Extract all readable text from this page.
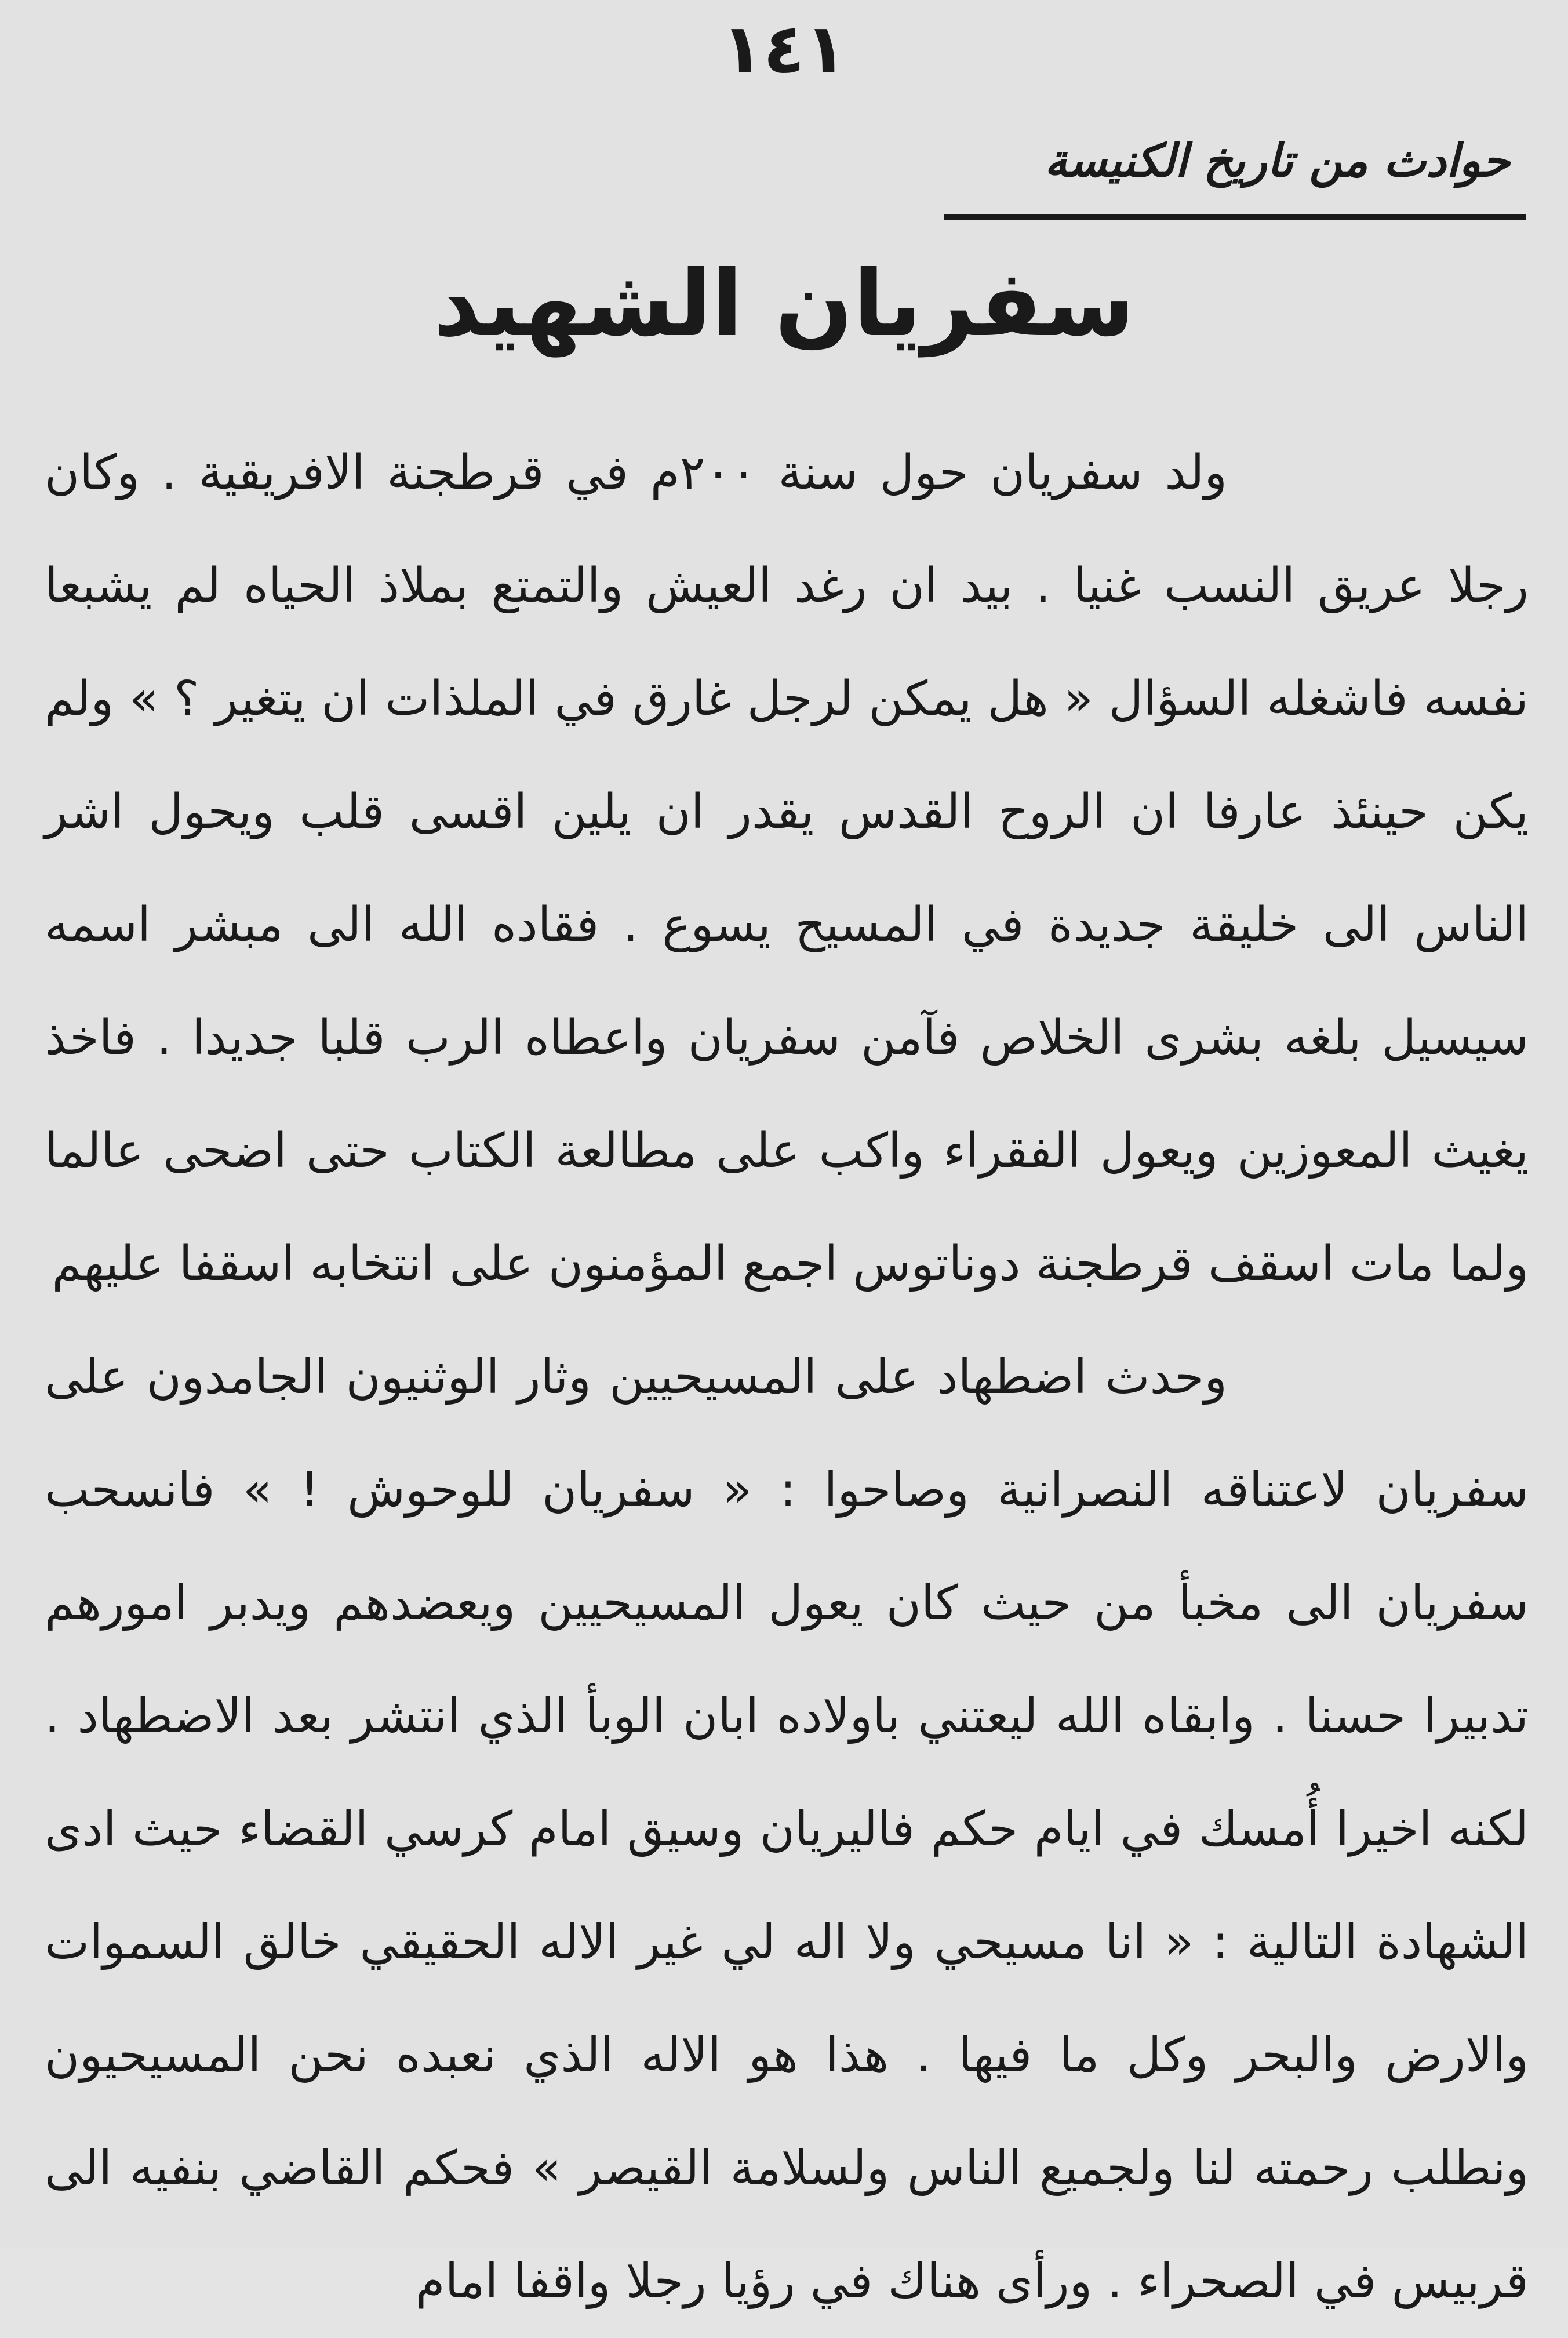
١٤١
حوادث من تاريخ الكنيسة
سفريان الشهيد

ولد سفريان حول سنة ٢٠٠م في قرطجنة الافريقية . وكان رجلا عريق النسب غنيا . بيد ان رغد العيش والتمتع بملاذ الحياه لم يشبعا نفسه فاشغله السؤال « هل يمكن لرجل غارق في الملذات ان يتغير ؟ » ولم يكن حينئذ عارفا ان الروح القدس يقدر ان يلين اقسى قلب ويحول اشر الناس الى خليقة جديدة في المسيح يسوع . فقاده الله الى مبشر اسمه سيسيل بلغه بشرى الخلاص فآمن سفريان واعطاه الرب قلبا جديدا . فاخذ يغيث المعوزين ويعول الفقراء واكب على مطالعة الكتاب حتى اضحى عالما ولما مات اسقف قرطجنة دوناتوس اجمع المؤمنون على انتخابه اسقفا عليهم

وحدث اضطهاد على المسيحيين وثار الوثنيون الجامدون على سفريان لاعتناقه النصرانية وصاحوا : « سفريان للوحوش ! » فانسحب سفريان الى مخبأ من حيث كان يعول المسيحيين ويعضدهم ويدبر امورهم تدبيرا حسنا . وابقاه الله ليعتني باولاده ابان الوبأ الذي انتشر بعد الاضطهاد . لكنه اخيرا أُمسك في ايام حكم فاليريان وسيق امام كرسي القضاء حيث ادى الشهادة التالية : « انا مسيحي ولا اله لي غير الاله الحقيقي خالق السموات والارض والبحر وكل ما فيها . هذا هو الاله الذي نعبده نحن المسيحيون ونطلب رحمته لنا ولجميع الناس ولسلامة القيصر » فحكم القاضي بنفيه الى قربيس في الصحراء . ورأى هناك في رؤيا رجلا واقفا امام
